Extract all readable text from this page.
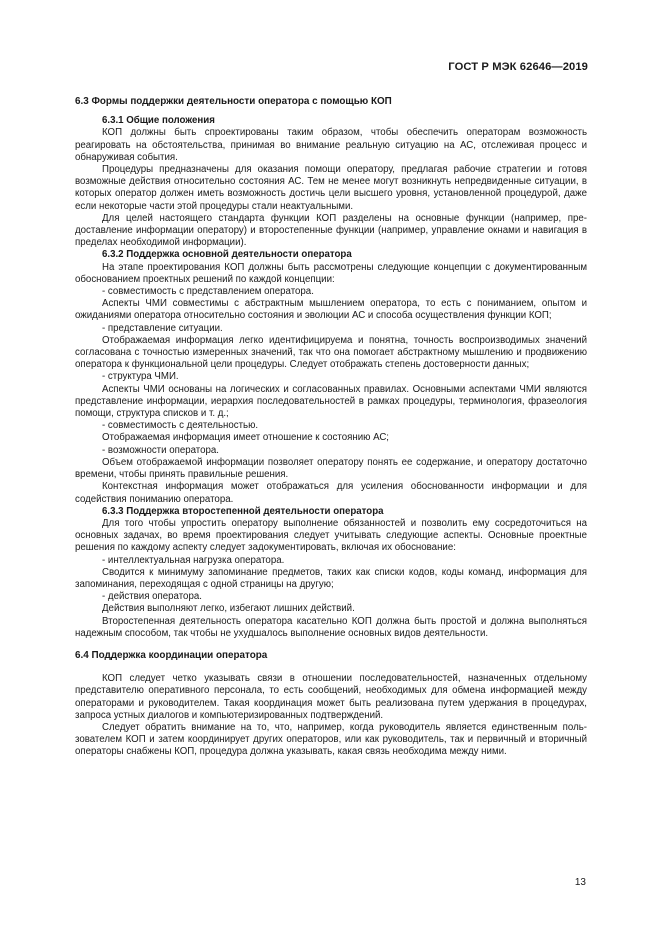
ГОСТ Р МЭК 62646—2019
6.3 Формы поддержки деятельности оператора с помощью КОП
6.3.1 Общие положения

КОП должны быть спроектированы таким образом, чтобы обеспечить операторам возможность реагировать на обстоятельства, принимая во внимание реальную ситуацию на АС, отслеживая процесс и обнаруживая события.

Процедуры предназначены для оказания помощи оператору, предлагая рабочие стратегии и готовя возможные действия относительно состояния АС. Тем не менее могут возникнуть непредвиденные ситуации, в которых оператор должен иметь возможность достичь цели высшего уровня, установленной процедурой, даже если некоторые части этой процедуры стали неактуальными.

Для целей настоящего стандарта функции КОП разделены на основные функции (например, предоставление информации оператору) и второстепенные функции (например, управление окнами и навигация в пределах необходимой информации).

6.3.2 Поддержка основной деятельности оператора

На этапе проектирования КОП должны быть рассмотрены следующие концепции с документированным обоснованием проектных решений по каждой концепции:

- совместимость с представлением оператора.

Аспекты ЧМИ совместимы с абстрактным мышлением оператора, то есть с пониманием, опытом и ожиданиями оператора относительно состояния и эволюции АС и способа осуществления функции КОП;

- представление ситуации.

Отображаемая информация легко идентифицируема и понятна, точность воспроизводимых значений согласована с точностью измеренных значений, так что она помогает абстрактному мышлению и продвижению оператора к функциональной цели процедуры. Следует отображать степень достоверности данных;

- структура ЧМИ.

Аспекты ЧМИ основаны на логических и согласованных правилах. Основными аспектами ЧМИ являются представление информации, иерархия последовательностей в рамках процедуры, терминология, фразеология помощи, структура списков и т. д.;

- совместимость с деятельностью.

Отображаемая информация имеет отношение к состоянию АС;

- возможности оператора.

Объем отображаемой информации позволяет оператору понять ее содержание, и оператору достаточно времени, чтобы принять правильные решения.

Контекстная информация может отображаться для усиления обоснованности информации и для содействия пониманию оператора.

6.3.3 Поддержка второстепенной деятельности оператора

Для того чтобы упростить оператору выполнение обязанностей и позволить ему сосредоточиться на основных задачах, во время проектирования следует учитывать следующие аспекты. Основные проектные решения по каждому аспекту следует задокументировать, включая их обоснование:

- интеллектуальная нагрузка оператора.

Сводится к минимуму запоминание предметов, таких как списки кодов, коды команд, информация для запоминания, переходящая с одной страницы на другую;

- действия оператора.

Действия выполняют легко, избегают лишних действий.

Второстепенная деятельность оператора касательно КОП должна быть простой и должна выполняться надежным способом, так чтобы не ухудшалось выполнение основных видов деятельности.

6.4 Поддержка координации оператора

КОП следует четко указывать связи в отношении последовательностей, назначенных отдельному представителю оперативного персонала, то есть сообщений, необходимых для обмена информацией между операторами и руководителем. Такая координация может быть реализована путем удержания в процедурах, запроса устных диалогов и компьютеризированных подтверждений.

Следует обратить внимание на то, что, например, когда руководитель является единственным пользователем КОП и затем координирует других операторов, или как руководитель, так и первичный и вторичный операторы снабжены КОП, процедура должна указывать, какая связь необходима между ними.

13
